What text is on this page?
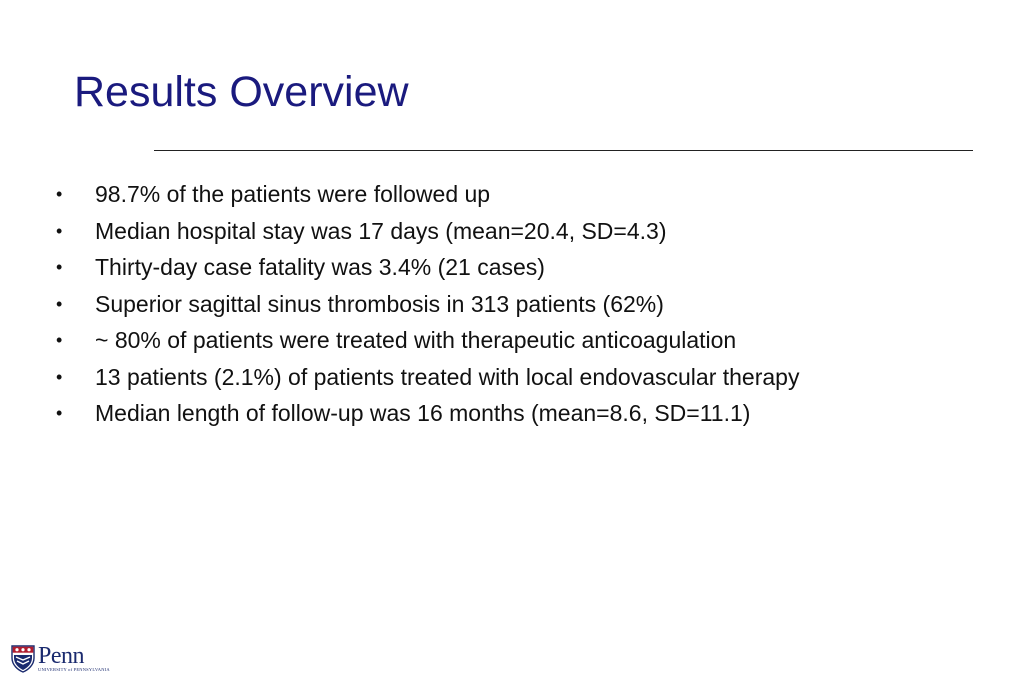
Results Overview
• 98.7% of the patients were followed up
• Median hospital stay was 17 days (mean=20.4, SD=4.3)
• Thirty-day case fatality was 3.4% (21 cases)
• Superior sagittal sinus thrombosis in 313 patients (62%)
• ~ 80% of patients were treated with therapeutic anticoagulation
• 13 patients (2.1%) of patients treated with local endovascular therapy
• Median length of follow-up was 16 months (mean=8.6, SD=11.1)
Penn
UNIVERSITY of PENNSYLVANIA
